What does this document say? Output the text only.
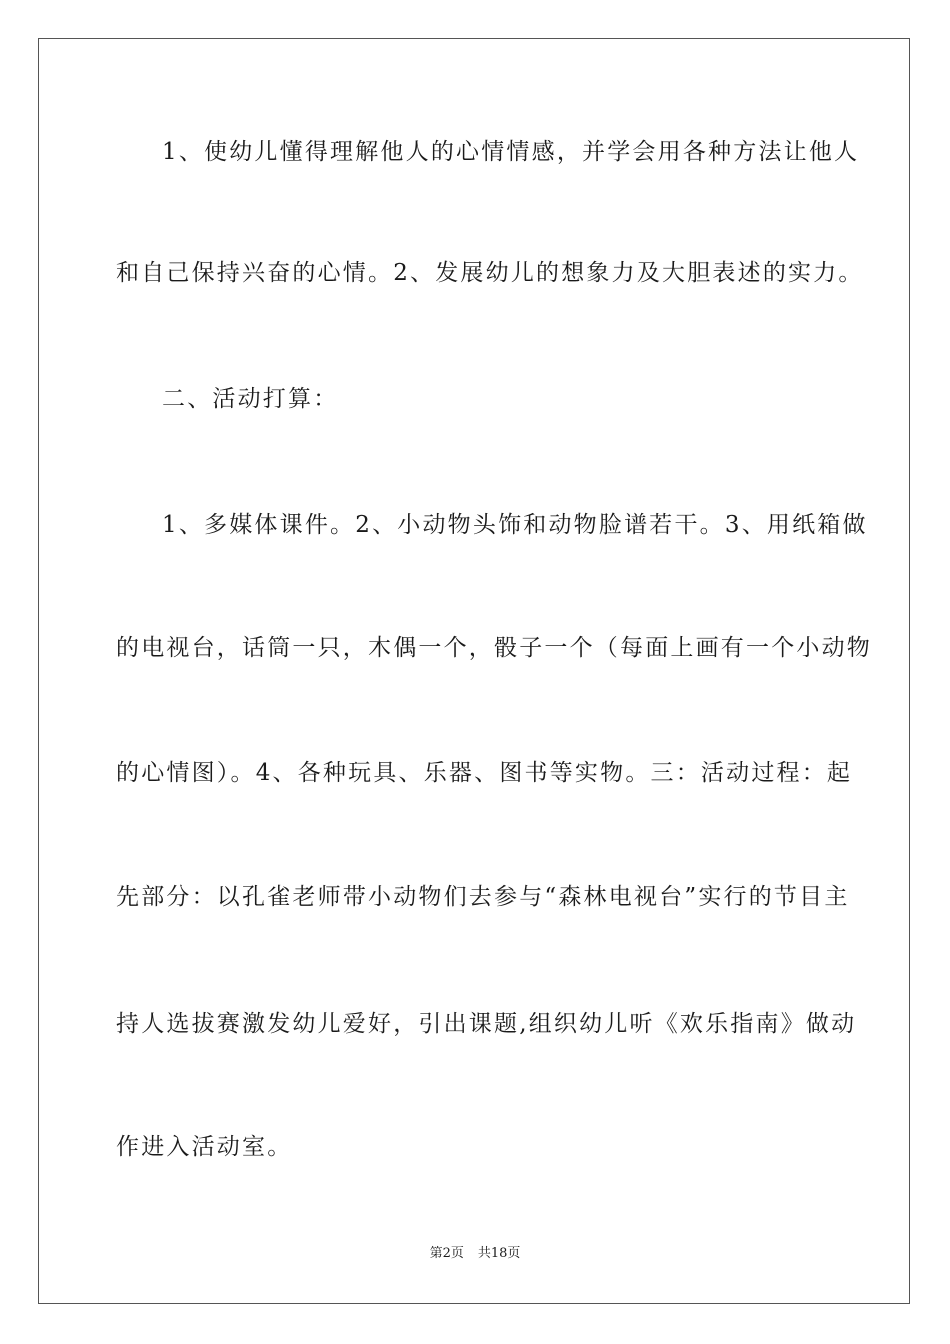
1、使幼儿懂得理解他人的心情情感，并学会用各种方法让他人
和自己保持兴奋的心情。2、发展幼儿的想象力及大胆表述的实力。
二、活动打算：
1、多媒体课件。2、小动物头饰和动物脸谱若干。3、用纸箱做
的电视台，话筒一只，木偶一个，骰子一个（每面上画有一个小动物
的心情图）。4、各种玩具、乐器、图书等实物。三：活动过程：起
先部分：以孔雀老师带小动物们去参与“森林电视台”实行的节目主
持人选拔赛激发幼儿爱好，引出课题,组织幼儿听《欢乐指南》做动
作进入活动室。
第2页 共18页
